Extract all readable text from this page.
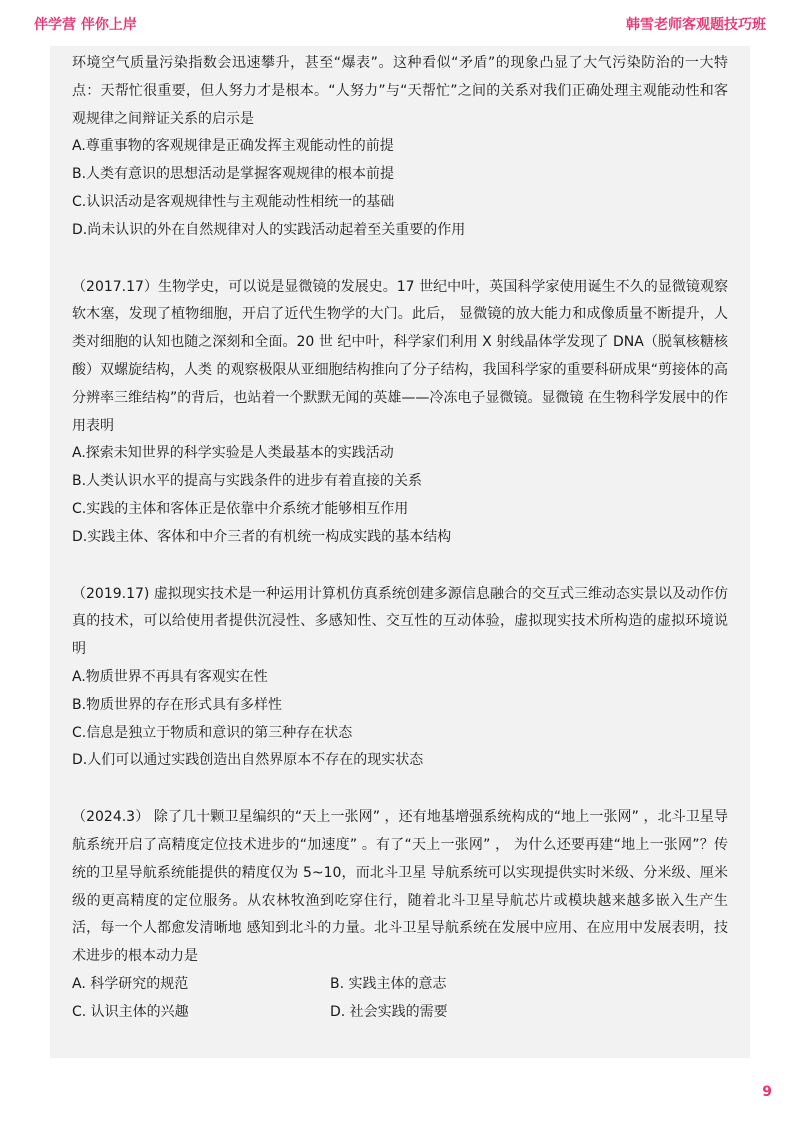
伴学营 伴你上岸	韩雪老师客观题技巧班

环境空气质量污染指数会迅速攀升，甚至“爆表”。这种看似“矛盾”的现象凸显了大气污染防治的一大特点：天帮忙很重要，但人努力才是根本。“人努力”与“天帮忙”之间的关系对我们正确处理主观能动性和客观规律之间辩证关系的启示是

A.尊重事物的客观规律是正确发挥主观能动性的前提

B.人类有意识的思想活动是掌握客观规律的根本前提

C.认识活动是客观规律性与主观能动性相统一的基础

D.尚未认识的外在自然规律对人的实践活动起着至关重要的作用

（2017.17）生物学史，可以说是显微镜的发展史。17 世纪中叶，英国科学家使用诞生不久的显微镜观察软木塞，发现了植物细胞，开启了近代生物学的大门。此后， 显微镜的放大能力和成像质量不断提升，人类对细胞的认知也随之深刻和全面。20 世 纪中叶，科学家们利用 X 射线晶体学发现了 DNA（脱氧核糖核酸）双螺旋结构，人类 的观察极限从亚细胞结构推向了分子结构，我国科学家的重要科研成果“剪接体的高 分辨率三维结构”的背后，也站着一个默默无闻的英雄——冷冻电子显微镜。显微镜 在生物科学发展中的作用表明

A.探索未知世界的科学实验是人类最基本的实践活动

B.人类认识水平的提高与实践条件的进步有着直接的关系

C.实践的主体和客体正是依靠中介系统才能够相互作用

D.实践主体、客体和中介三者的有机统一构成实践的基本结构

（2019.17) 虚拟现实技术是一种运用计算机仿真系统创建多源信息融合的交互式三维动态实景以及动作仿真的技术，可以给使用者提供沉浸性、多感知性、交互性的互动体验，虚拟现实技术所构造的虚拟环境说明

A.物质世界不再具有客观实在性

B.物质世界的存在形式具有多样性

C.信息是独立于物质和意识的第三种存在状态

D.人们可以通过实践创造出自然界原本不存在的现实状态

（2024.3） 除了几十颗卫星编织的“天上一张网” ，还有地基增强系统构成的“地上一张网” ，北斗卫星导航系统开启了高精度定位技术进步的“加速度” 。有了“天上一张网” ， 为什么还要再建“地上一张网”？传统的卫星导航系统能提供的精度仅为 5~10，而北斗卫星 导航系统可以实现提供实时米级、分米级、厘米级的更高精度的定位服务。从农林牧渔到吃穿住行，随着北斗卫星导航芯片或模块越来越多嵌入生产生活，每一个人都愈发清晰地 感知到北斗的力量。北斗卫星导航系统在发展中应用、在应用中发展表明，技术进步的根本动力是

A. 科学研究的规范	B. 实践主体的意志
C. 认识主体的兴趣	D. 社会实践的需要
9
